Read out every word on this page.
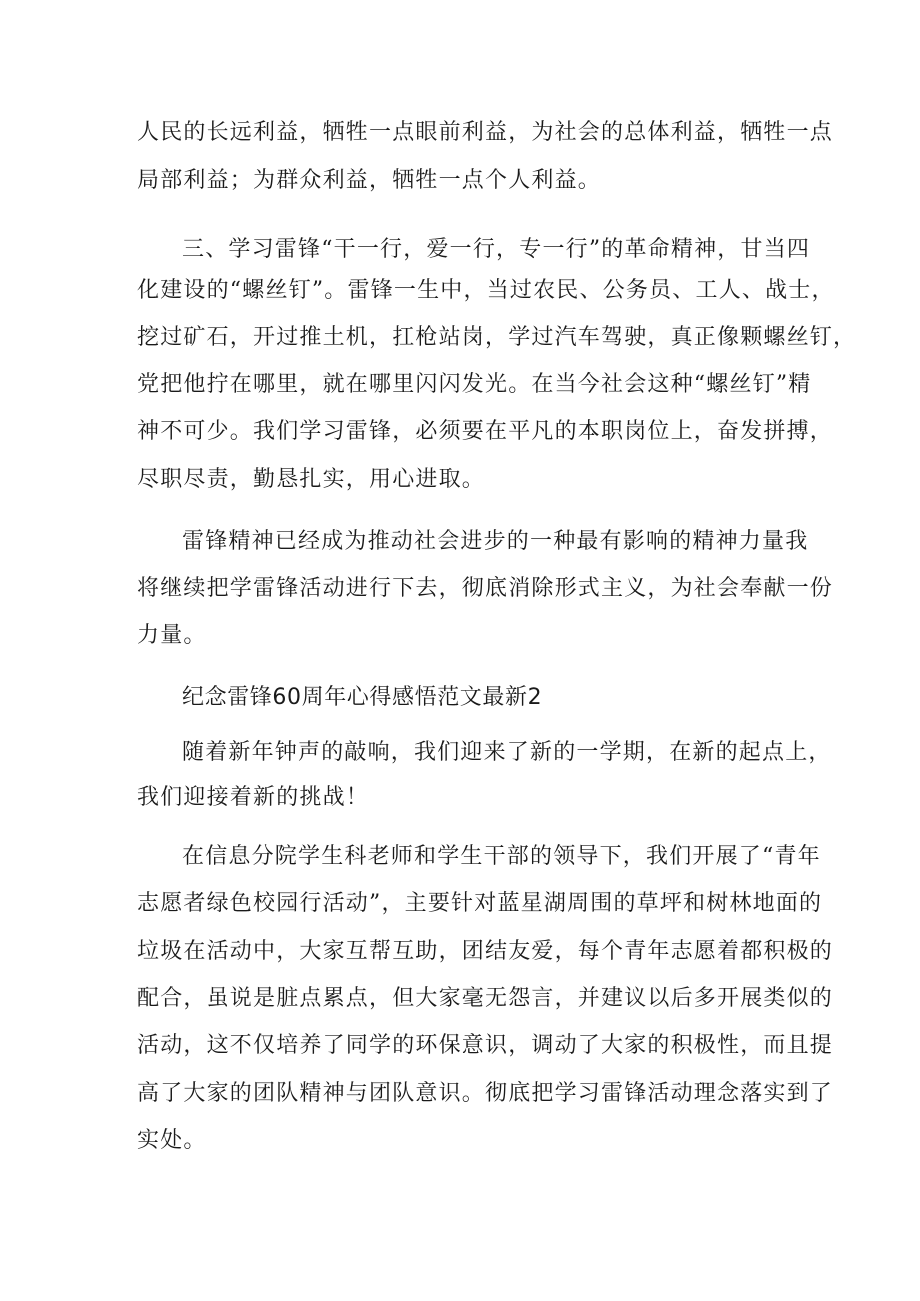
人民的长远利益，牺牲一点眼前利益，为社会的总体利益，牺牲一点
局部利益；为群众利益，牺牲一点个人利益。
三、学习雷锋“干一行，爱一行，专一行”的革命精神，甘当四
化建设的“螺丝钉”。雷锋一生中，当过农民、公务员、工人、战士，
挖过矿石，开过推土机，扛枪站岗，学过汽车驾驶，真正像颗螺丝钉，
党把他拧在哪里，就在哪里闪闪发光。在当今社会这种“螺丝钉”精
神不可少。我们学习雷锋，必须要在平凡的本职岗位上，奋发拼搏，
尽职尽责，勤恳扎实，用心进取。
雷锋精神已经成为推动社会进步的一种最有影响的精神力量我
将继续把学雷锋活动进行下去，彻底消除形式主义，为社会奉献一份
力量。
纪念雷锋60周年心得感悟范文最新2
随着新年钟声的敲响，我们迎来了新的一学期，在新的起点上，
我们迎接着新的挑战！
在信息分院学生科老师和学生干部的领导下，我们开展了“青年
志愿者绿色校园行活动”，主要针对蓝星湖周围的草坪和树林地面的
垃圾在活动中，大家互帮互助，团结友爱，每个青年志愿着都积极的
配合，虽说是脏点累点，但大家毫无怨言，并建议以后多开展类似的
活动，这不仅培养了同学的环保意识，调动了大家的积极性，而且提
高了大家的团队精神与团队意识。彻底把学习雷锋活动理念落实到了
实处。
